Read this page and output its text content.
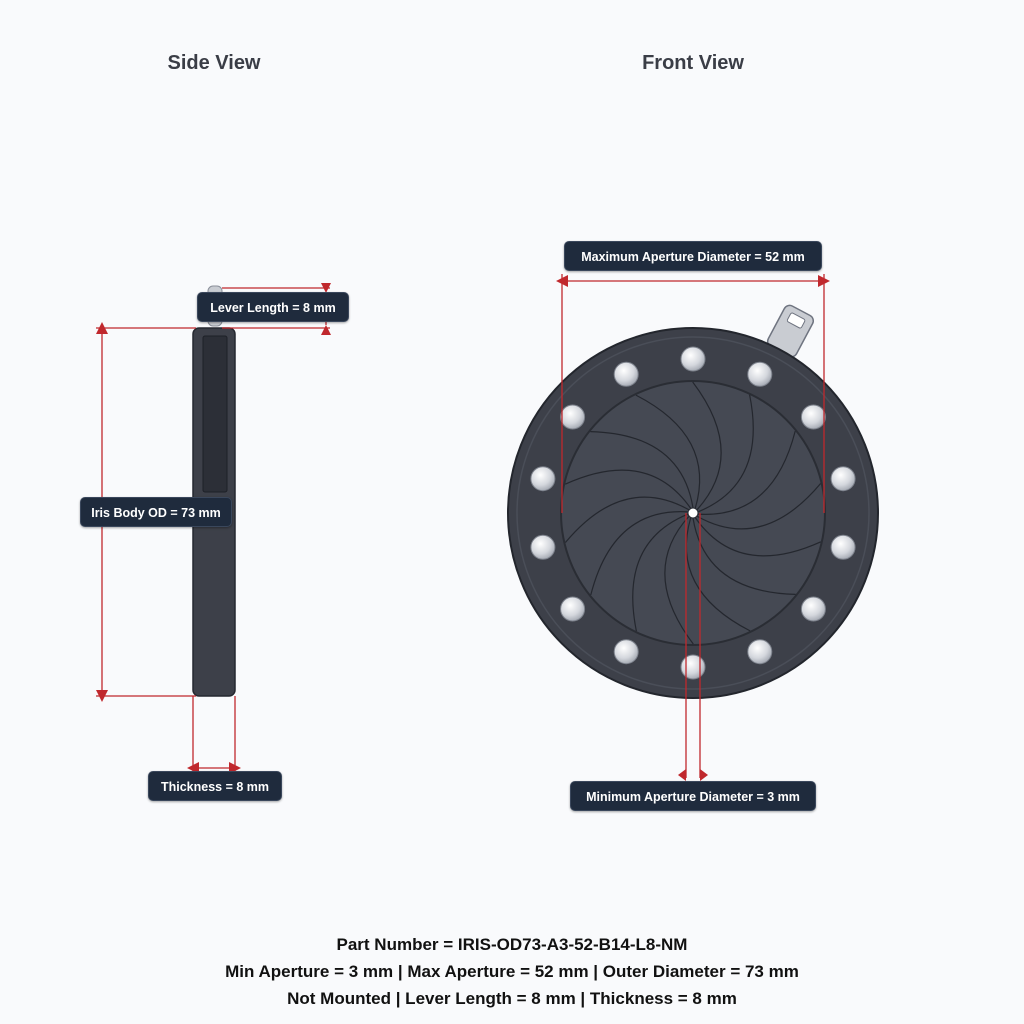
Side View	Front View
Lever Length = 8 mm
Iris Body OD = 73 mm
Thickness = 8 mm
Maximum Aperture Diameter = 52 mm
Minimum Aperture Diameter = 3 mm
Part Number = IRIS-OD73-A3-52-B14-L8-NM
Min Aperture = 3 mm | Max Aperture = 52 mm | Outer Diameter = 73 mm
Not Mounted | Lever Length = 8 mm | Thickness = 8 mm
